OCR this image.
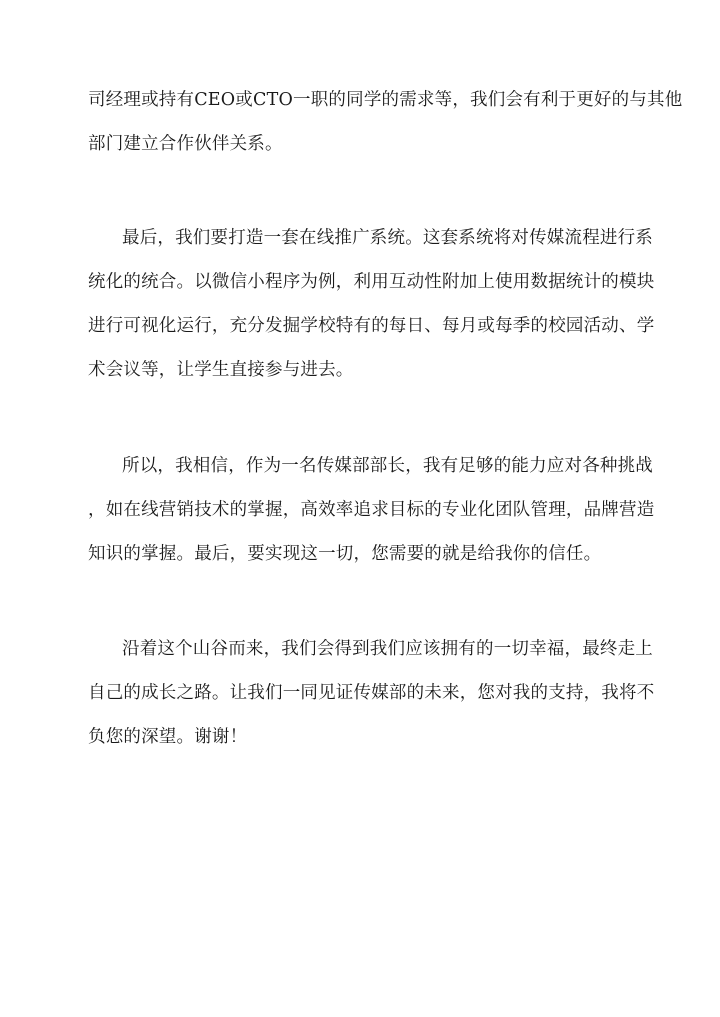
司经理或持有CEO或CTO一职的同学的需求等，我们会有利于更好的与其他

部门建立合作伙伴关系。

最后，我们要打造一套在线推广系统。这套系统将对传媒流程进行系

统化的统合。以微信小程序为例，利用互动性附加上使用数据统计的模块

进行可视化运行，充分发掘学校特有的每日、每月或每季的校园活动、学

术会议等，让学生直接参与进去。

所以，我相信，作为一名传媒部部长，我有足够的能力应对各种挑战

，如在线营销技术的掌握，高效率追求目标的专业化团队管理，品牌营造

知识的掌握。最后，要实现这一切，您需要的就是给我你的信任。

沿着这个山谷而来，我们会得到我们应该拥有的一切幸福，最终走上

自己的成长之路。让我们一同见证传媒部的未来，您对我的支持，我将不

负您的深望。谢谢！
